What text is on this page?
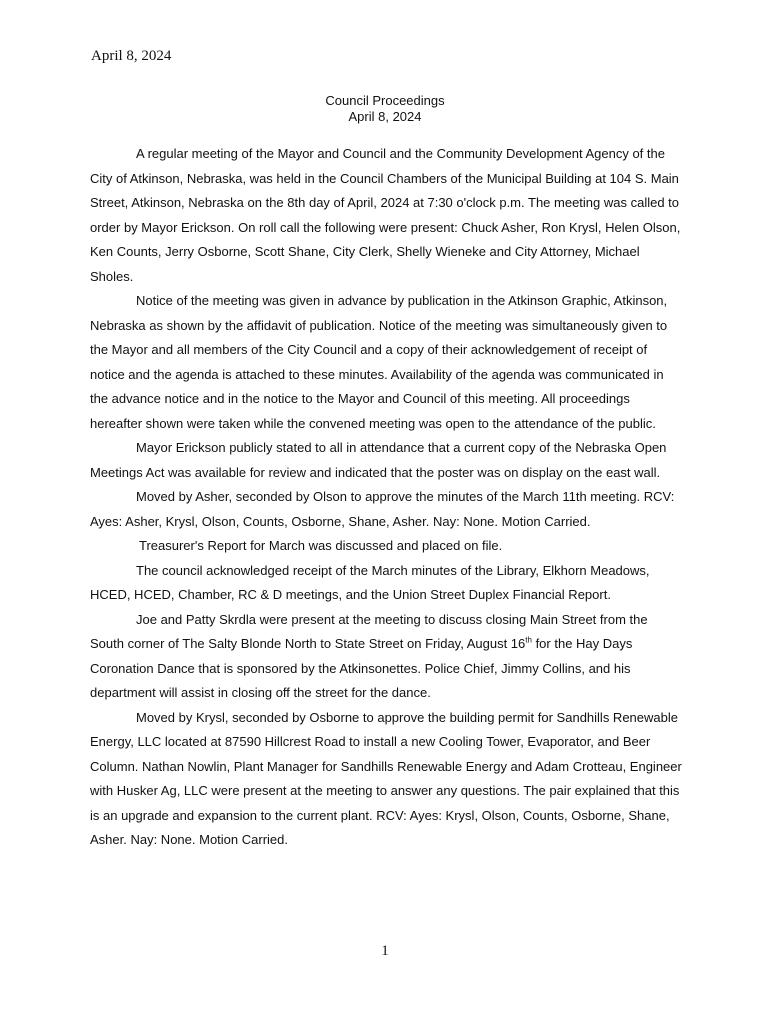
April 8, 2024
Council Proceedings
April 8, 2024

A regular meeting of the Mayor and Council and the Community Development Agency of the City of Atkinson, Nebraska, was held in the Council Chambers of the Municipal Building at 104 S. Main Street, Atkinson, Nebraska on the 8th day of April, 2024 at 7:30 o'clock p.m. The meeting was called to order by Mayor Erickson. On roll call the following were present: Chuck Asher, Ron Krysl, Helen Olson, Ken Counts, Jerry Osborne, Scott Shane, City Clerk, Shelly Wieneke and City Attorney, Michael Sholes.

Notice of the meeting was given in advance by publication in the Atkinson Graphic, Atkinson, Nebraska as shown by the affidavit of publication. Notice of the meeting was simultaneously given to the Mayor and all members of the City Council and a copy of their acknowledgement of receipt of notice and the agenda is attached to these minutes. Availability of the agenda was communicated in the advance notice and in the notice to the Mayor and Council of this meeting. All proceedings hereafter shown were taken while the convened meeting was open to the attendance of the public.

Mayor Erickson publicly stated to all in attendance that a current copy of the Nebraska Open Meetings Act was available for review and indicated that the poster was on display on the east wall.

Moved by Asher, seconded by Olson to approve the minutes of the March 11th meeting. RCV: Ayes: Asher, Krysl, Olson, Counts, Osborne, Shane, Asher. Nay: None. Motion Carried.

Treasurer's Report for March was discussed and placed on file.

The council acknowledged receipt of the March minutes of the Library, Elkhorn Meadows, HCED, HCED, Chamber, RC & D meetings, and the Union Street Duplex Financial Report.

Joe and Patty Skrdla were present at the meeting to discuss closing Main Street from the South corner of The Salty Blonde North to State Street on Friday, August 16th for the Hay Days Coronation Dance that is sponsored by the Atkinsonettes. Police Chief, Jimmy Collins, and his department will assist in closing off the street for the dance.

Moved by Krysl, seconded by Osborne to approve the building permit for Sandhills Renewable Energy, LLC located at 87590 Hillcrest Road to install a new Cooling Tower, Evaporator, and Beer Column. Nathan Nowlin, Plant Manager for Sandhills Renewable Energy and Adam Crotteau, Engineer with Husker Ag, LLC were present at the meeting to answer any questions. The pair explained that this is an upgrade and expansion to the current plant. RCV: Ayes: Krysl, Olson, Counts, Osborne, Shane, Asher. Nay: None. Motion Carried.

1
